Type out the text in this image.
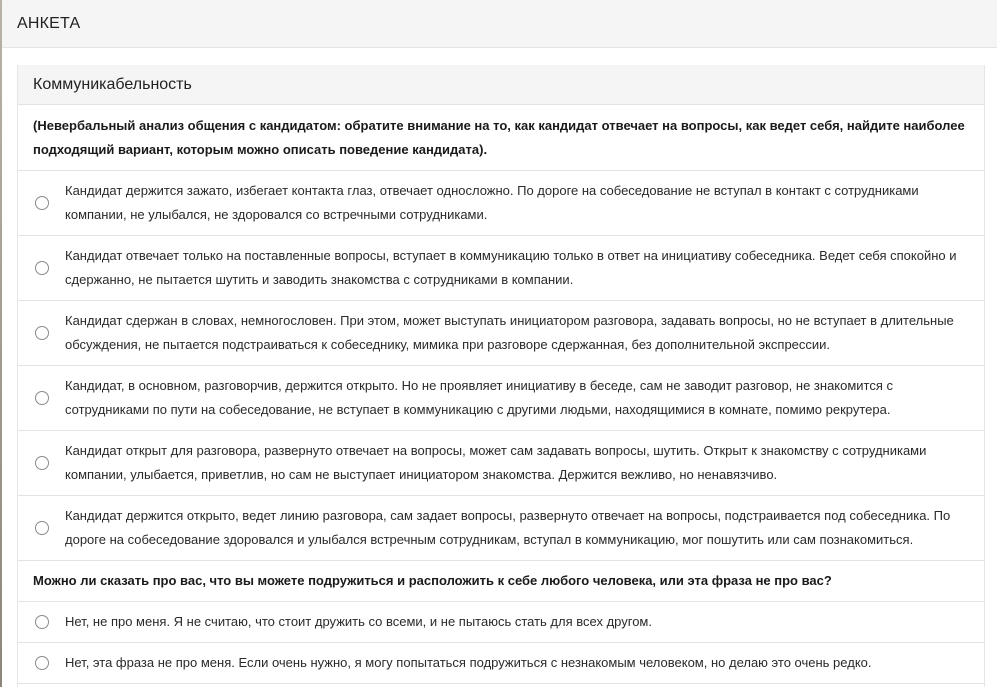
АНКЕТА
Коммуникабельность
(Невербальный анализ общения с кандидатом: обратите внимание на то, как кандидат отвечает на вопросы, как ведет себя, найдите наиболее подходящий вариант, которым можно описать поведение кандидата).
Кандидат держится зажато, избегает контакта глаз, отвечает односложно. По дороге на собеседование не вступал в контакт с сотрудниками компании, не улыбался, не здоровался со встречными сотрудниками.
Кандидат отвечает только на поставленные вопросы, вступает в коммуникацию только в ответ на инициативу собеседника. Ведет себя спокойно и сдержанно, не пытается шутить и заводить знакомства с сотрудниками в компании.
Кандидат сдержан в словах, немногословен. При этом, может выступать инициатором разговора, задавать вопросы, но не вступает в длительные обсуждения, не пытается подстраиваться к собеседнику, мимика при разговоре сдержанная, без дополнительной экспрессии.
Кандидат, в основном, разговорчив, держится открыто. Но не проявляет инициативу в беседе, сам не заводит разговор, не знакомится с сотрудниками по пути на собеседование, не вступает в коммуникацию с другими людьми, находящимися в комнате, помимо рекрутера.
Кандидат открыт для разговора, развернуто отвечает на вопросы, может сам задавать вопросы, шутить. Открыт к знакомству с сотрудниками компании, улыбается, приветлив, но сам не выступает инициатором знакомства. Держится вежливо, но ненавязчиво.
Кандидат держится открыто, ведет линию разговора, сам задает вопросы, развернуто отвечает на вопросы, подстраивается под собеседника. По дороге на собеседование здоровался и улыбался встречным сотрудникам, вступал в коммуникацию, мог пошутить или сам познакомиться.
Можно ли сказать про вас, что вы можете подружиться и расположить к себе любого человека, или эта фраза не про вас?
Нет, не про меня. Я не считаю, что стоит дружить со всеми, и не пытаюсь стать для всех другом.
Нет, эта фраза не про меня. Если очень нужно, я могу попытаться подружиться с незнакомым человеком, но делаю это очень редко.
